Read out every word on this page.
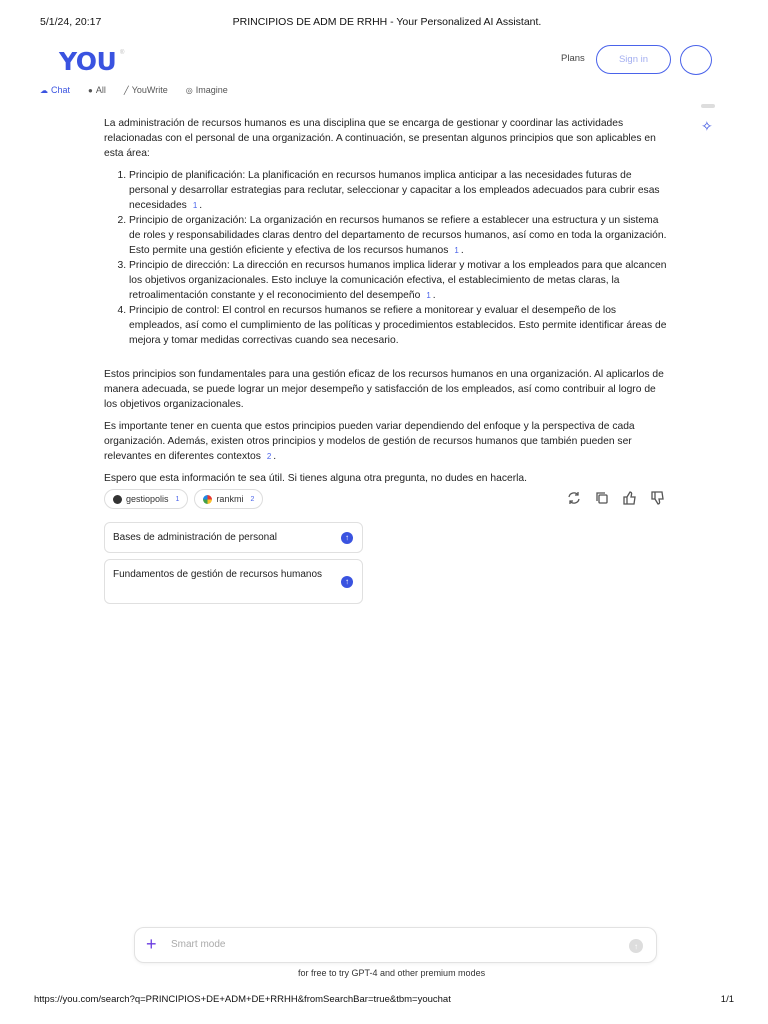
5/1/24, 20:17	PRINCIPIOS DE ADM DE RRHH - Your Personalized AI Assistant.
YOU ®	Plans	Sign in
☁ Chat ● All ╱ YouWrite ◎ Imagine
✧

La administración de recursos humanos es una disciplina que se encarga de gestionar y coordinar las actividades relacionadas con el personal de una organización. A continuación, se presentan algunos principios que son aplicables en esta área:

1. Principio de planificación: La planificación en recursos humanos implica anticipar a las necesidades futuras de personal y desarrollar estrategias para reclutar, seleccionar y capacitar a los empleados adecuados para cubrir esas necesidades 1 .
2. Principio de organización: La organización en recursos humanos se refiere a establecer una estructura y un sistema de roles y responsabilidades claras dentro del departamento de recursos humanos, así como en toda la organización. Esto permite una gestión eficiente y efectiva de los recursos humanos 1 .
3. Principio de dirección: La dirección en recursos humanos implica liderar y motivar a los empleados para que alcancen los objetivos organizacionales. Esto incluye la comunicación efectiva, el establecimiento de metas claras, la retroalimentación constante y el reconocimiento del desempeño 1 .
4. Principio de control: El control en recursos humanos se refiere a monitorear y evaluar el desempeño de los empleados, así como el cumplimiento de las políticas y procedimientos establecidos. Esto permite identificar áreas de mejora y tomar medidas correctivas cuando sea necesario.

Estos principios son fundamentales para una gestión eficaz de los recursos humanos en una organización. Al aplicarlos de manera adecuada, se puede lograr un mejor desempeño y satisfacción de los empleados, así como contribuir al logro de los objetivos organizacionales.

Es importante tener en cuenta que estos principios pueden variar dependiendo del enfoque y la perspectiva de cada organización. Además, existen otros principios y modelos de gestión de recursos humanos que también pueden ser relevantes en diferentes contextos 2 .

Espero que esta información te sea útil. Si tienes alguna otra pregunta, no dudes en hacerla.

gestiopolis 1	rankmi 2
Bases de administración de personal	↑
Fundamentos de gestión de recursos humanos
↑
+ Smart mode	↑
for free to try GPT-4 and other premium modes
https://you.com/search?q=PRINCIPIOS+DE+ADM+DE+RRHH&fromSearchBar=true&tbm=youchat	1/1
